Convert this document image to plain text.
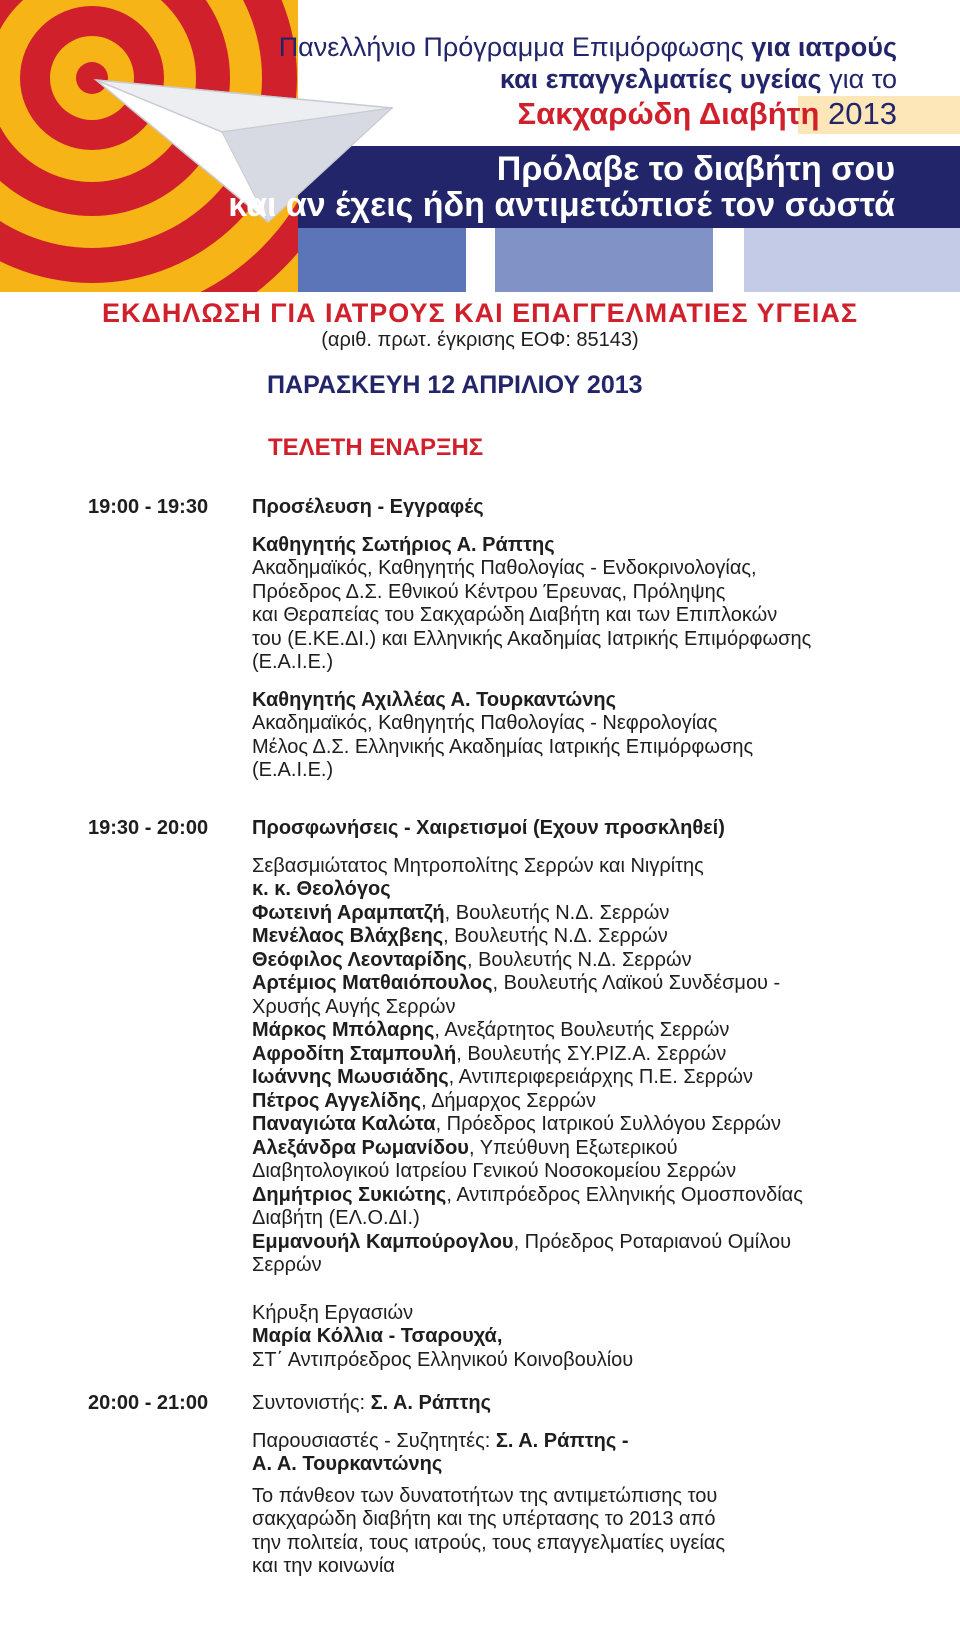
Πανελλήνιο Πρόγραμμα Επιμόρφωσης για ιατρούς
και επαγγελματίες υγείας για το
Σακχαρώδη Διαβήτη 2013
Πρόλαβε το διαβήτη σου
και αν έχεις ήδη αντιμετώπισέ τον σωστά
ΕΚΔΗΛΩΣΗ ΓΙΑ ΙΑΤΡΟΥΣ ΚΑΙ ΕΠΑΓΓΕΛΜΑΤΙΕΣ ΥΓΕΙΑΣ
(αριθ. πρωτ. έγκρισης ΕΟΦ: 85143)
ΠΑΡΑΣΚΕΥΗ 12 ΑΠΡΙΛΙΟΥ 2013
ΤΕΛΕΤΗ ΕΝΑΡΞΗΣ
19:00 - 19:30 Προσέλευση - Εγγραφές
Καθηγητής Σωτήριος Α. Ράπτης
Ακαδημαϊκός, Καθηγητής Παθολογίας - Ενδοκρινολογίας,
Πρόεδρος Δ.Σ. Εθνικού Κέντρου Έρευνας, Πρόληψης
και Θεραπείας του Σακχαρώδη Διαβήτη και των Επιπλοκών
του (Ε.ΚΕ.ΔΙ.) και Ελληνικής Ακαδημίας Ιατρικής Επιμόρφωσης
(Ε.Α.Ι.Ε.)
Καθηγητής Αχιλλέας Α. Τουρκαντώνης
Ακαδημαϊκός, Καθηγητής Παθολογίας - Νεφρολογίας
Μέλος Δ.Σ. Ελληνικής Ακαδημίας Ιατρικής Επιμόρφωσης
(Ε.Α.Ι.Ε.)
19:30 - 20:00 Προσφωνήσεις - Χαιρετισμοί (Εχουν προσκληθεί)
Σεβασμιώτατος Μητροπολίτης Σερρών και Νιγρίτης
κ. κ. Θεολόγος
Φωτεινή Αραμπατζή, Βουλευτής Ν.Δ. Σερρών
Μενέλαος Βλάχβεης, Βουλευτής Ν.Δ. Σερρών
Θεόφιλος Λεονταρίδης, Βουλευτής Ν.Δ. Σερρών
Αρτέμιος Ματθαιόπουλος, Βουλευτής Λαϊκού Συνδέσμου -
Χρυσής Αυγής Σερρών
Μάρκος Μπόλαρης, Ανεξάρτητος Βουλευτής Σερρών
Αφροδίτη Σταμπουλή, Βουλευτής ΣΥ.ΡΙΖ.Α. Σερρών
Ιωάννης Μωυσιάδης, Αντιπεριφερειάρχης Π.Ε. Σερρών
Πέτρος Αγγελίδης, Δήμαρχος Σερρών
Παναγιώτα Καλώτα, Πρόεδρος Ιατρικού Συλλόγου Σερρών
Αλεξάνδρα Ρωμανίδου, Υπεύθυνη Εξωτερικού
Διαβητολογικού Ιατρείου Γενικού Νοσοκομείου Σερρών
Δημήτριος Συκιώτης, Αντιπρόεδρος Ελληνικής Ομοσπονδίας
Διαβήτη (ΕΛ.Ο.ΔΙ.)
Εμμανουήλ Καμπούρογλου, Πρόεδρος Ροταριανού Ομίλου
Σερρών
Κήρυξη Εργασιών
Μαρία Κόλλια - Τσαρουχά,
ΣΤ΄ Αντιπρόεδρος Ελληνικού Κοινοβουλίου
20:00 - 21:00 Συντονιστής: Σ. Α. Ράπτης
Παρουσιαστές - Συζητητές: Σ. Α. Ράπτης -
Α. Α. Τουρκαντώνης
Το πάνθεον των δυνατοτήτων της αντιμετώπισης του
σακχαρώδη διαβήτη και της υπέρτασης το 2013 από
την πολιτεία, τους ιατρούς, τους επαγγελματίες υγείας
και την κοινωνία
